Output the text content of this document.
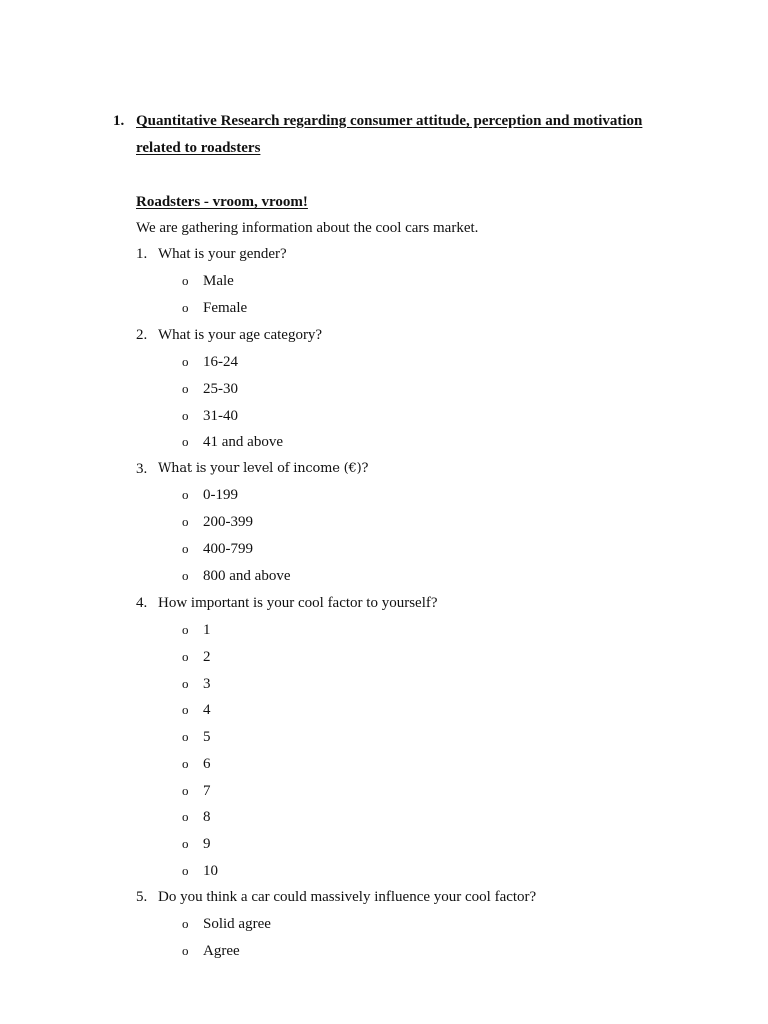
1. Quantitative Research regarding consumer attitude, perception and motivation
related to roadsters
Roadsters - vroom, vroom!
We are gathering information about the cool cars market.
1. What is your gender?
o Male
o Female
2. What is your age category?
o 16-24
o 25-30
o 31-40
o 41 and above
3. What is your level of income (€)?
o 0-199
o 200-399
o 400-799
o 800 and above
4. How important is your cool factor to yourself?
o 1
o 2
o 3
o 4
o 5
o 6
o 7
o 8
o 9
o 10
5. Do you think a car could massively influence your cool factor?
o Solid agree
o Agree
